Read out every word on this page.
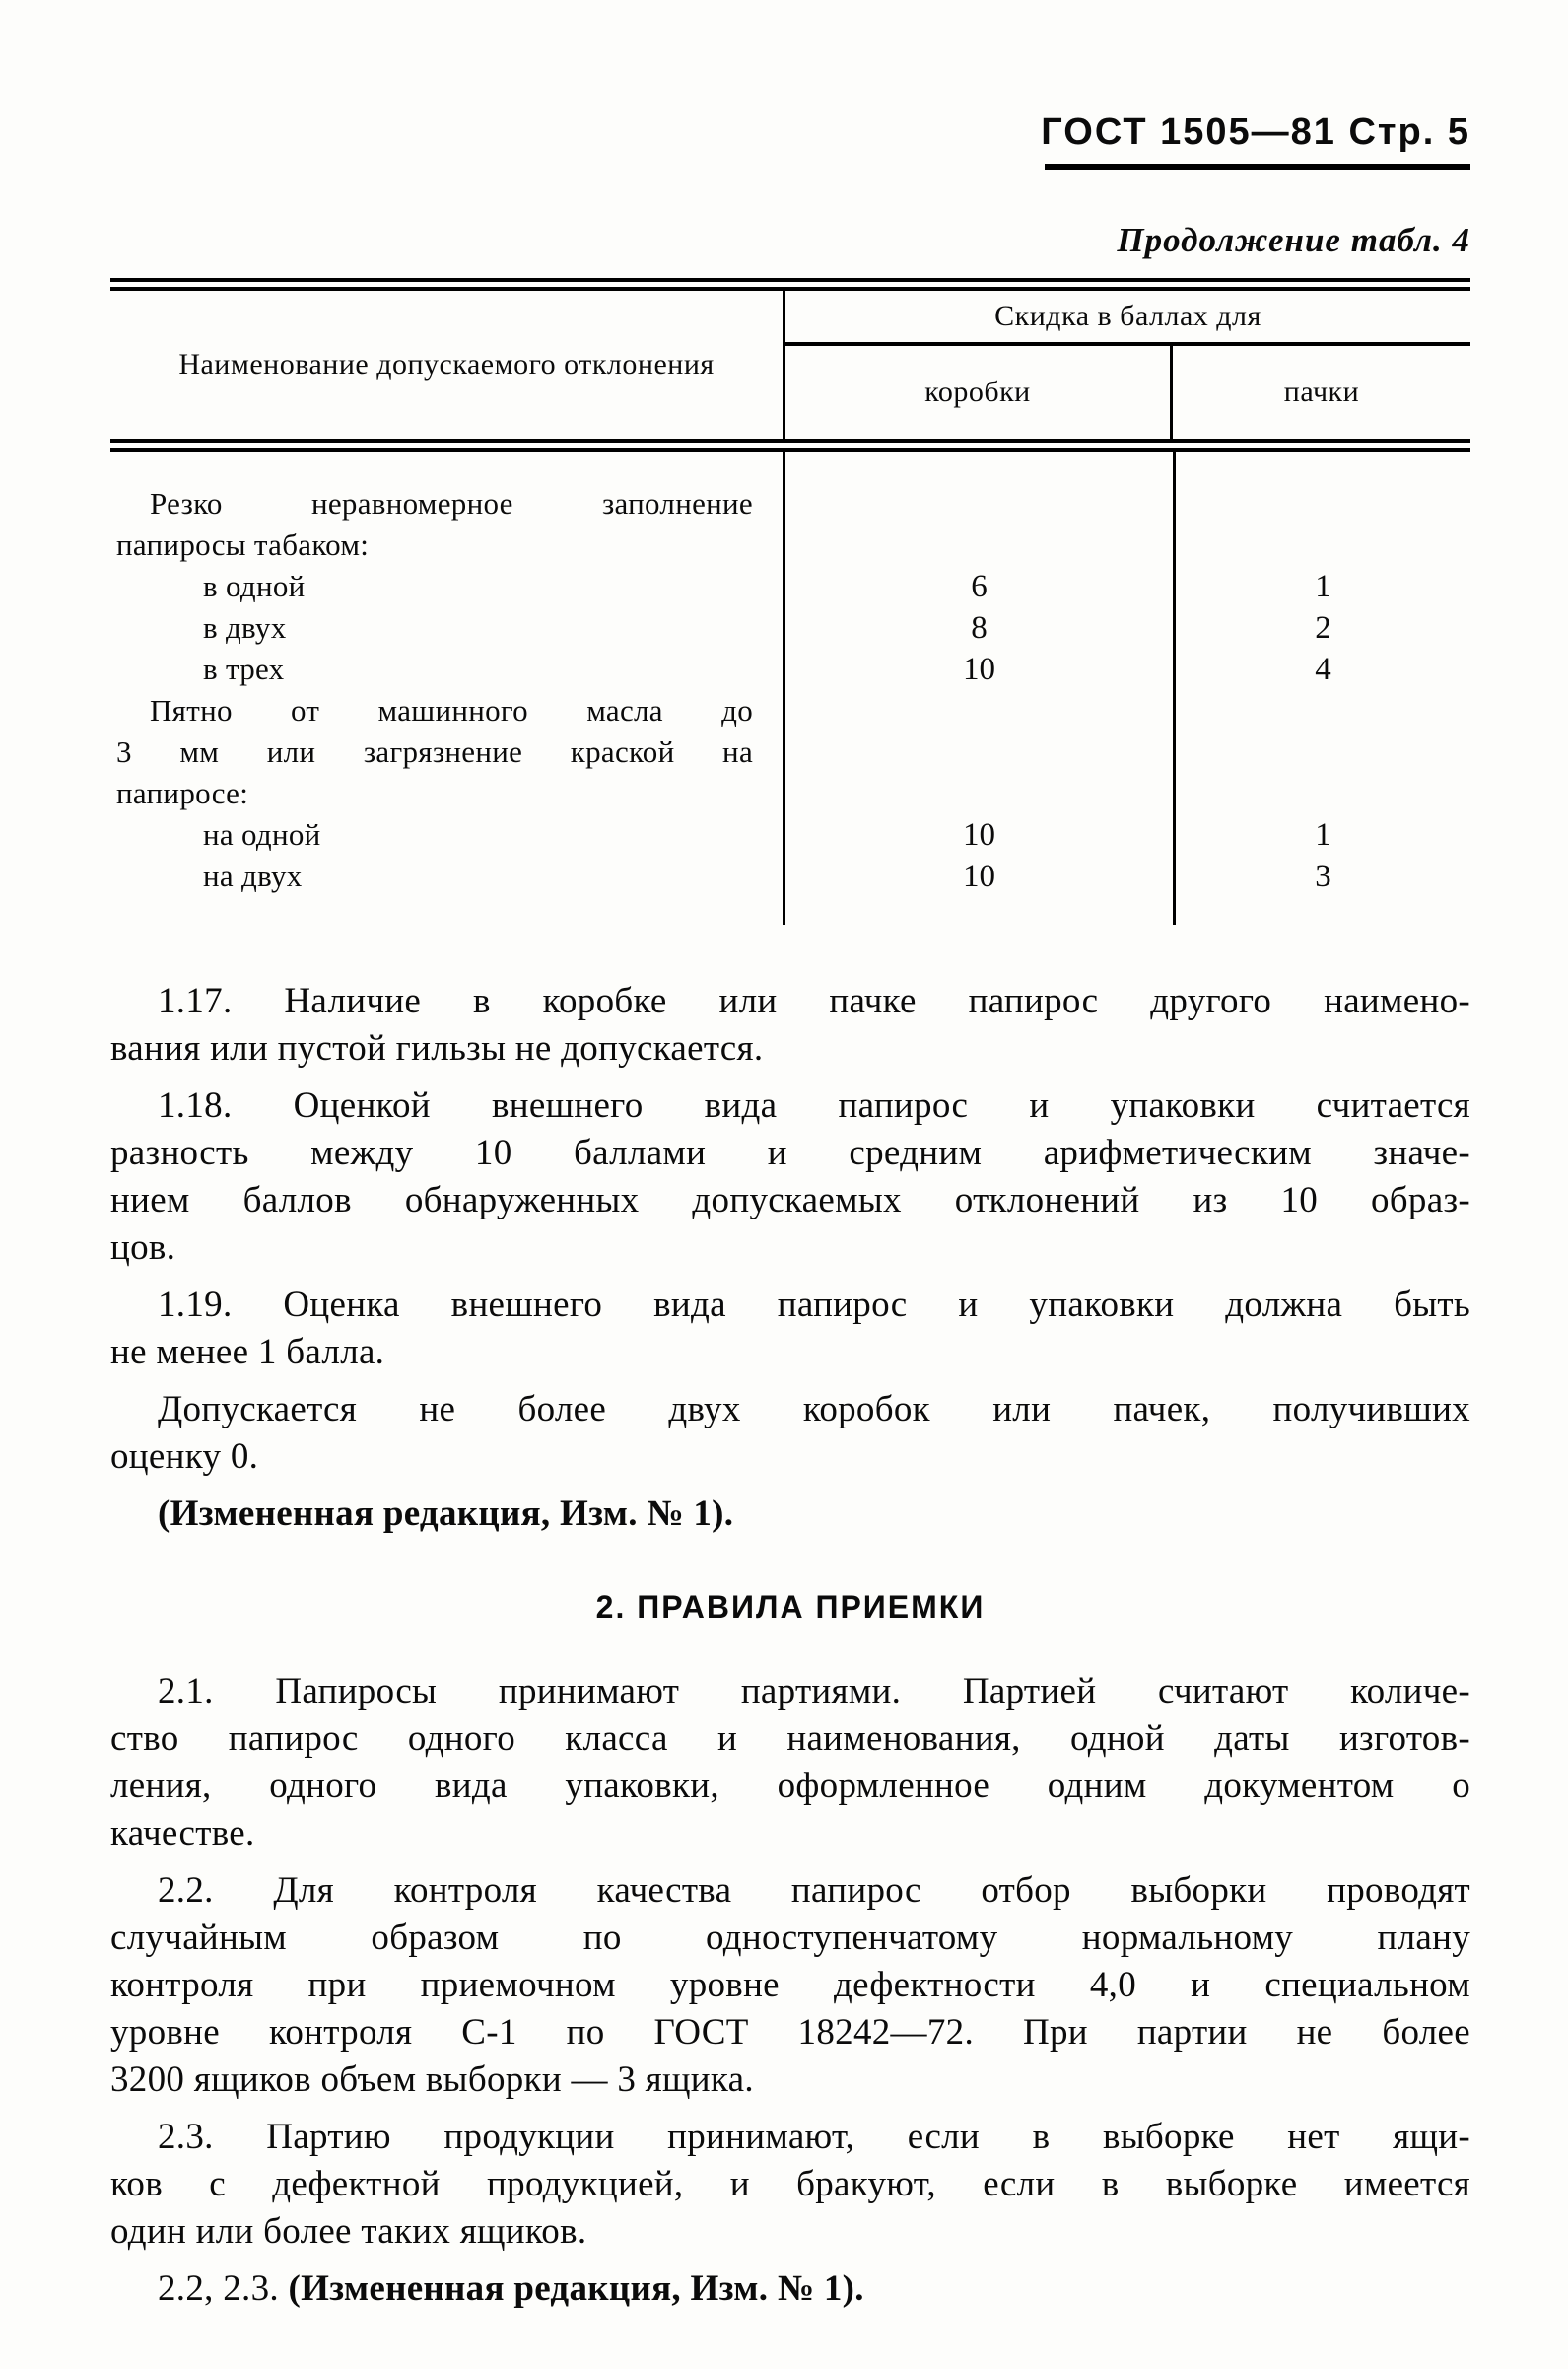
ГОСТ 1505—81 Стр. 5
Продолжение табл. 4
Наименование допускаемого отклонения
Скидка в баллах для
коробки	пачки
Резко неравномерное заполнение
папиросы табаком:
в одной
в двух
в трех
Пятно от машинного масла до
3 мм или загрязнение краской на
папиросе:
на одной
на двух
6
8
10
10
10
1
2
4
1
3
1.17. Наличие в коробке или пачке папирос другого наимено-
вания или пустой гильзы не допускается.
1.18. Оценкой внешнего вида папирос и упаковки считается
разность между 10 баллами и средним арифметическим значе-
нием баллов обнаруженных допускаемых отклонений из 10 образ-
цов.
1.19. Оценка внешнего вида папирос и упаковки должна быть
не менее 1 балла.
Допускается не более двух коробок или пачек, получивших
оценку 0.
(Измененная редакция, Изм. № 1).
2. ПРАВИЛА ПРИЕМКИ
2.1. Папиросы принимают партиями. Партией считают количе-
ство папирос одного класса и наименования, одной даты изготов-
ления, одного вида упаковки, оформленное одним документом о
качестве.
2.2. Для контроля качества папирос отбор выборки проводят
случайным образом по одноступенчатому нормальному плану
контроля при приемочном уровне дефектности 4,0 и специальном
уровне контроля С-1 по ГОСТ 18242—72. При партии не более
3200 ящиков объем выборки — 3 ящика.
2.3. Партию продукции принимают, если в выборке нет ящи-
ков с дефектной продукцией, и бракуют, если в выборке имеется
один или более таких ящиков.
2.2, 2.3. (Измененная редакция, Изм. № 1).
